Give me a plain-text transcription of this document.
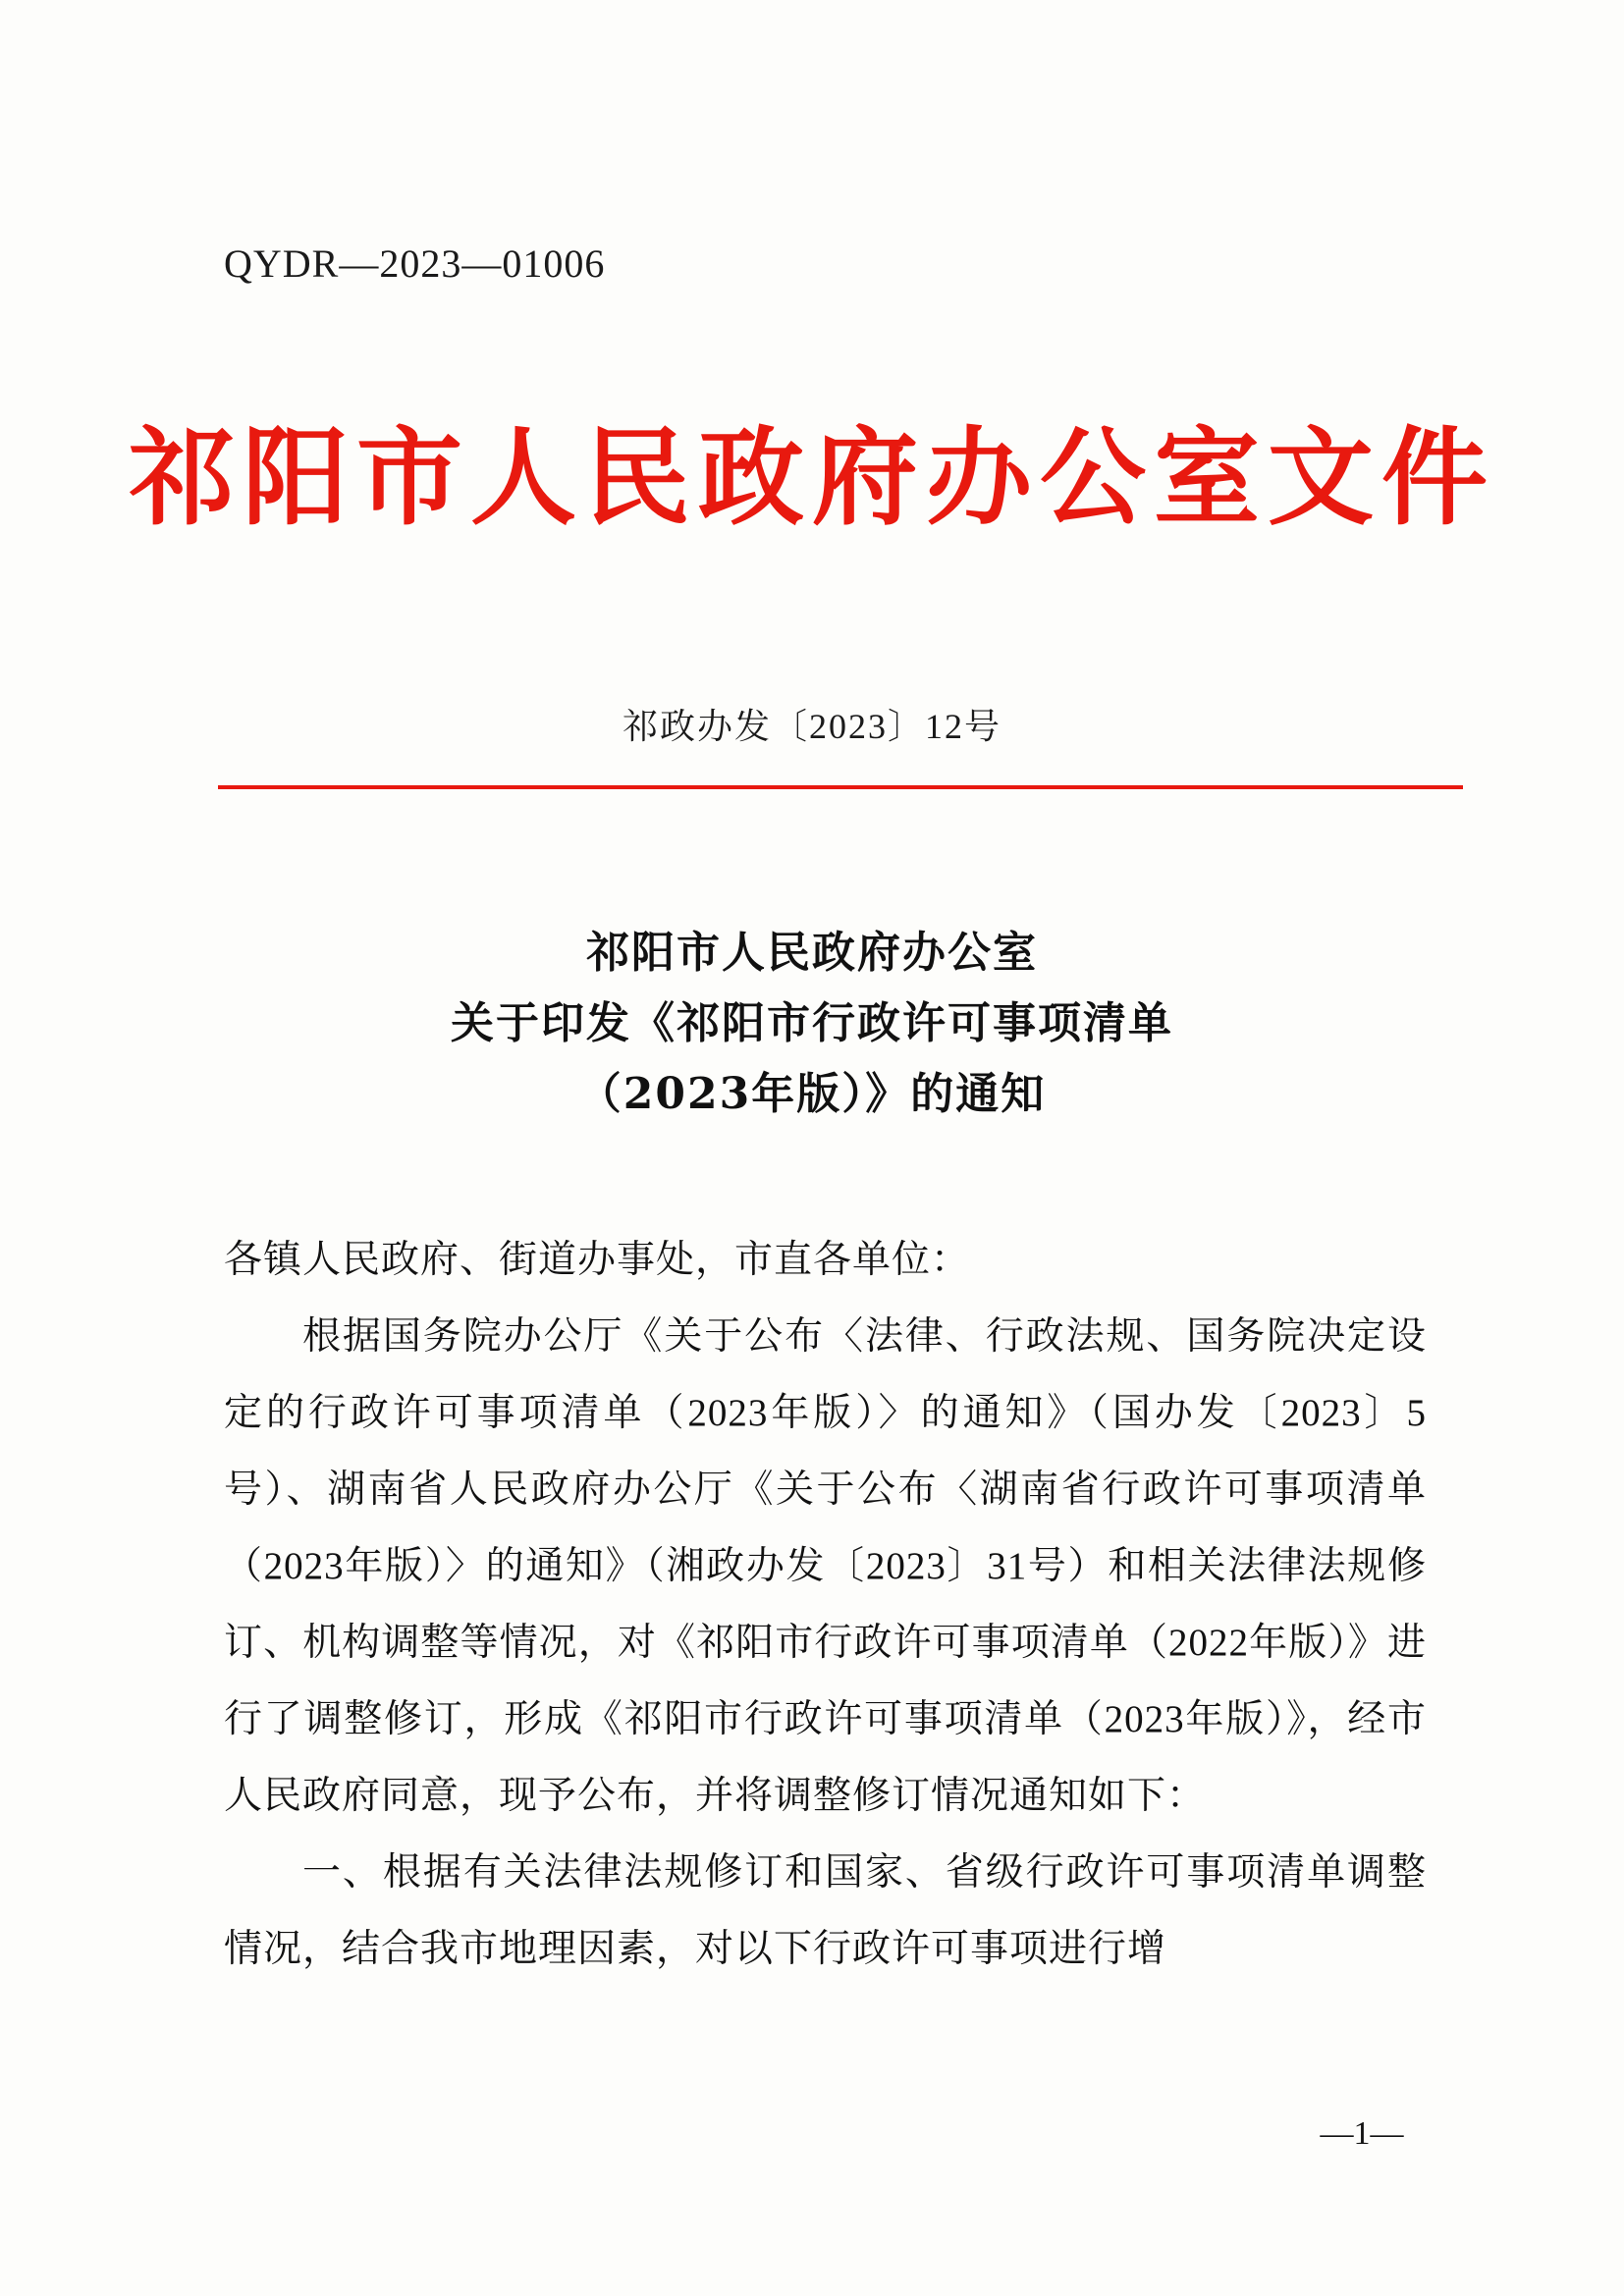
QYDR—2023—01006
祁阳市人民政府办公室文件
祁政办发〔2023〕12号
祁阳市人民政府办公室
关于印发《祁阳市行政许可事项清单
（2023年版）》的通知

各镇人民政府、街道办事处，市直各单位：

根据国务院办公厅《关于公布〈法律、行政法规、国务院决定设定的行政许可事项清单（2023年版）〉的通知》（国办发〔2023〕5号）、湖南省人民政府办公厅《关于公布〈湖南省行政许可事项清单（2023年版）〉的通知》（湘政办发〔2023〕31号）和相关法律法规修订、机构调整等情况，对《祁阳市行政许可事项清单（2022年版）》进行了调整修订，形成《祁阳市行政许可事项清单（2023年版）》，经市人民政府同意，现予公布，并将调整修订情况通知如下：

一、根据有关法律法规修订和国家、省级行政许可事项清单调整情况，结合我市地理因素，对以下行政许可事项进行增

—1—
